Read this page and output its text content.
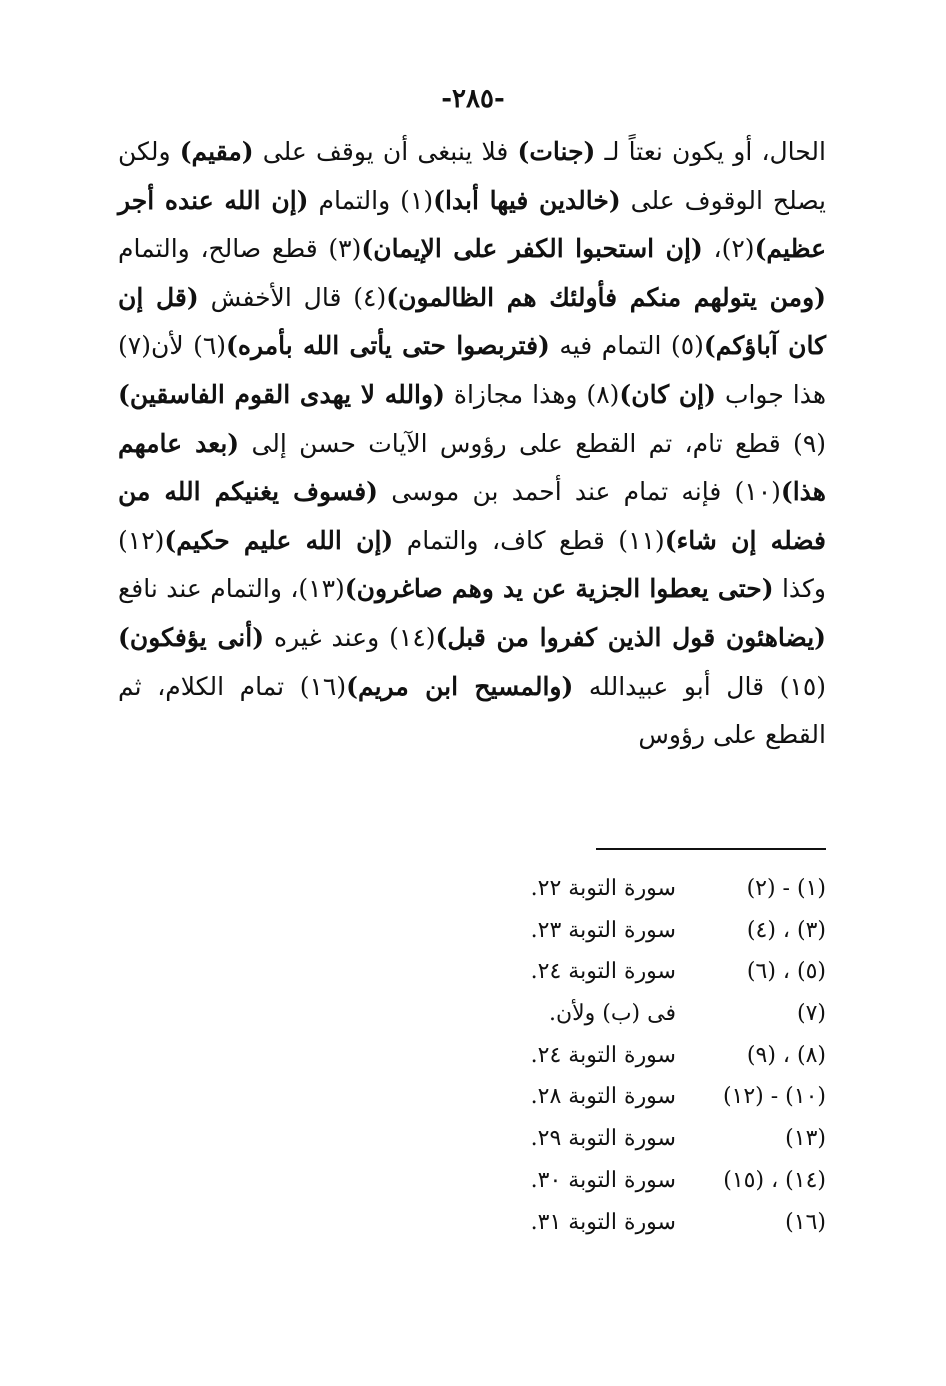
-٢٨٥-
الحال، أو يكون نعتاً لـ (جنات) فلا ينبغى أن يوقف على (مقيم) ولكن يصلح الوقوف على (خالدين فيها أبدا)(١) والتمام (إن الله عنده أجر عظيم)(٢)، (إن استحبوا الكفر على الإيمان)(٣) قطع صالح، والتمام (ومن يتولهم منكم فأولئك هم الظالمون)(٤) قال الأخفش (قل إن كان آباؤكم)(٥) التمام فيه (فتربصوا حتى يأتى الله بأمره)(٦) لأن(٧) هذا جواب (إن كان)(٨) وهذا مجازاة (والله لا يهدى القوم الفاسقين)(٩) قطع تام، تم القطع على رؤوس الآيات حسن إلى (بعد عامهم هذا)(١٠) فإنه تمام عند أحمد بن موسى (فسوف يغنيكم الله من فضله إن شاء)(١١) قطع كاف، والتمام (إن الله عليم حكيم)(١٢) وكذا (حتى يعطوا الجزية عن يد وهم صاغرون)(١٣)، والتمام عند نافع (يضاهئون قول الذين كفروا من قبل)(١٤) وعند غيره (أنى يؤفكون)(١٥) قال أبو عبيدالله (والمسيح ابن مريم)(١٦) تمام الكلام، ثم القطع على رؤوس
(١) - (٢)
سورة التوبة ٢٢.
(٣) ، (٤)
سورة التوبة ٢٣.
(٥) ، (٦)
سورة التوبة ٢٤.
(٧)
فى (ب) ولأن.
(٨) ، (٩)
سورة التوبة ٢٤.
(١٠) - (١٢)
سورة التوبة ٢٨.
(١٣)
سورة التوبة ٢٩.
(١٤) ، (١٥)
سورة التوبة ٣٠.
(١٦)
سورة التوبة ٣١.
